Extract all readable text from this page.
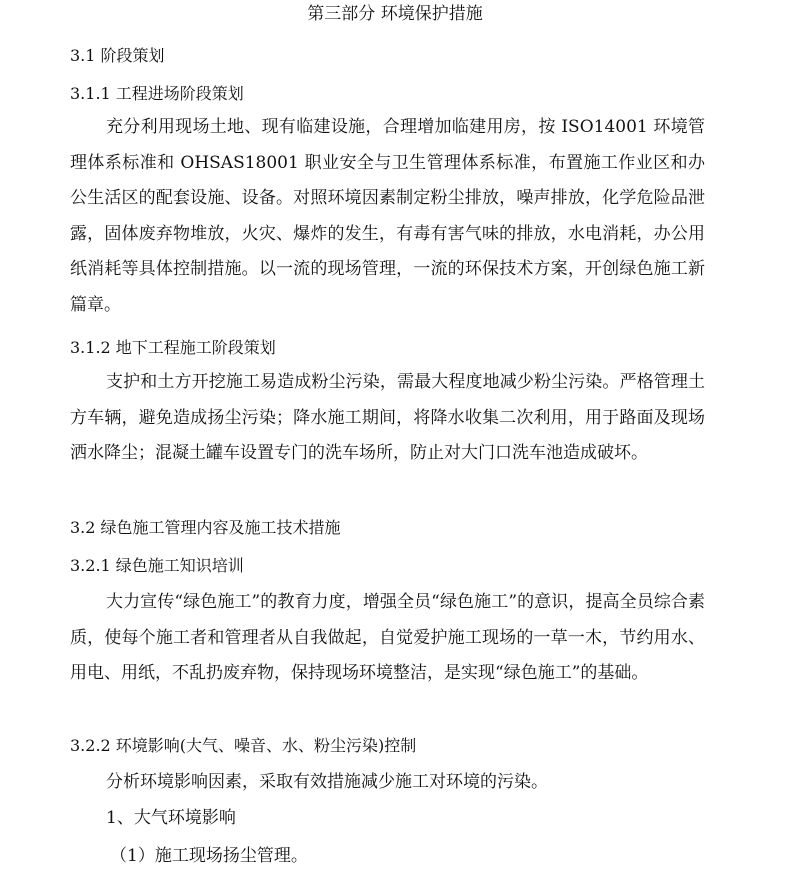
第三部分 环境保护措施
3.1 阶段策划
3.1.1 工程进场阶段策划

充分利用现场土地、现有临建设施，合理增加临建用房，按 ISO14001 环境管理体系标准和 OHSAS18001 职业安全与卫生管理体系标准，布置施工作业区和办公生活区的配套设施、设备。对照环境因素制定粉尘排放，噪声排放，化学危险品泄露，固体废弃物堆放，火灾、爆炸的发生，有毒有害气味的排放，水电消耗，办公用纸消耗等具体控制措施。以一流的现场管理，一流的环保技术方案，开创绿色施工新篇章。

3.1.2 地下工程施工阶段策划

支护和土方开挖施工易造成粉尘污染，需最大程度地减少粉尘污染。严格管理土方车辆，避免造成扬尘污染；降水施工期间，将降水收集二次利用，用于路面及现场洒水降尘；混凝土罐车设置专门的洗车场所，防止对大门口洗车池造成破坏。

3.2 绿色施工管理内容及施工技术措施
3.2.1 绿色施工知识培训

大力宣传“绿色施工”的教育力度，增强全员“绿色施工”的意识，提高全员综合素质，使每个施工者和管理者从自我做起，自觉爱护施工现场的一草一木，节约用水、用电、用纸，不乱扔废弃物，保持现场环境整洁，是实现“绿色施工”的基础。

3.2.2 环境影响(大气、噪音、水、粉尘污染)控制
分析环境影响因素，采取有效措施减少施工对环境的污染。
1、大气环境影响
（1）施工现场扬尘管理。
